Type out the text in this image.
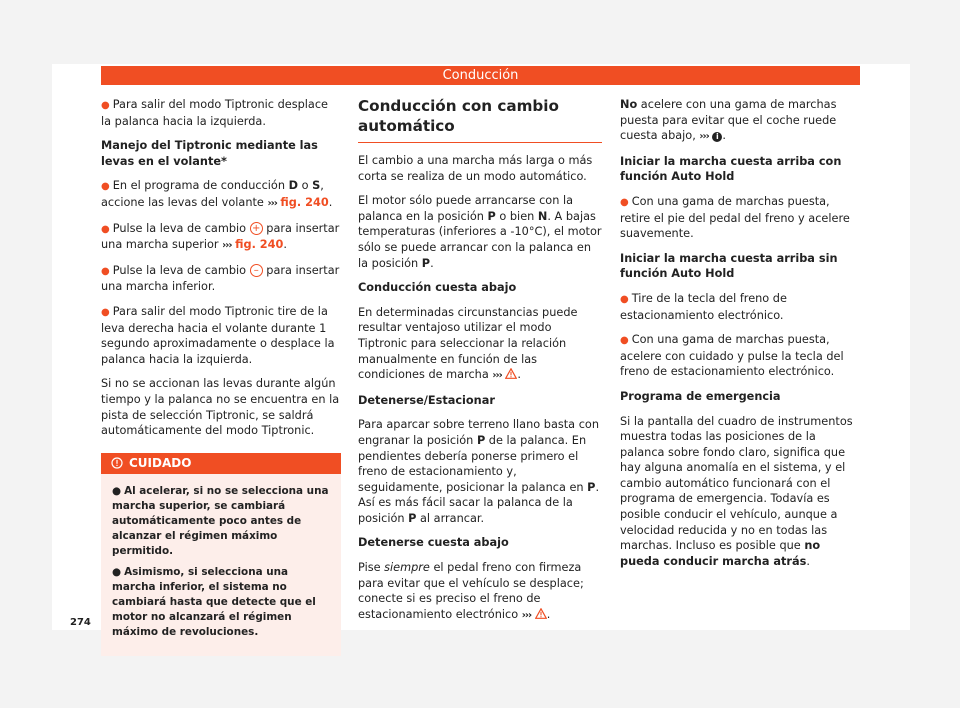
Conducción

● Para salir del modo Tiptronic desplace la palanca hacia la izquierda.

Manejo del Tiptronic mediante las levas en el volante*

● En el programa de conducción D o S, accione las levas del volante ››› fig. 240.

● Pulse la leva de cambio + para insertar una marcha superior ››› fig. 240.

● Pulse la leva de cambio – para insertar una marcha inferior.

● Para salir del modo Tiptronic tire de la leva derecha hacia el volante durante 1 segundo aproximadamente o desplace la palanca hacia la izquierda.

Si no se accionan las levas durante algún tiempo y la palanca no se encuentra en la pista de selección Tiptronic, se saldrá automáticamente del modo Tiptronic.

CUIDADO

● Al acelerar, si no se selecciona una marcha superior, se cambiará automáticamente poco antes de alcanzar el régimen máximo permitido.

● Asimismo, si selecciona una marcha inferior, el sistema no cambiará hasta que detecte que el motor no alcanzará el régimen máximo de revoluciones.

Conducción con cambio automático

El cambio a una marcha más larga o más corta se realiza de un modo automático.

El motor sólo puede arrancarse con la palanca en la posición P o bien N. A bajas temperaturas (inferiores a -10°C), el motor sólo se puede arrancar con la palanca en la posición P.

Conducción cuesta abajo

En determinadas circunstancias puede resultar ventajoso utilizar el modo Tiptronic para seleccionar la relación manualmente en función de las condiciones de marcha ››› .

Detenerse/Estacionar

Para aparcar sobre terreno llano basta con engranar la posición P de la palanca. En pendientes debería ponerse primero el freno de estacionamiento y, seguidamente, posicionar la palanca en P. Así es más fácil sacar la palanca de la posición P al arrancar.

Detenerse cuesta abajo

Pise siempre el pedal freno con firmeza para evitar que el vehículo se desplace; conecte si es preciso el freno de estacionamiento electrónico ››› .

No acelere con una gama de marchas puesta para evitar que el coche ruede cuesta abajo, ››› i .

Iniciar la marcha cuesta arriba con función Auto Hold

● Con una gama de marchas puesta, retire el pie del pedal del freno y acelere suavemente.

Iniciar la marcha cuesta arriba sin función Auto Hold

● Tire de la tecla del freno de estacionamiento electrónico.

● Con una gama de marchas puesta, acelere con cuidado y pulse la tecla del freno de estacionamiento electrónico.

Programa de emergencia

Si la pantalla del cuadro de instrumentos muestra todas las posiciones de la palanca sobre fondo claro, significa que hay alguna anomalía en el sistema, y el cambio automático funcionará con el programa de emergencia. Todavía es posible conducir el vehículo, aunque a velocidad reducida y no en todas las marchas. Incluso es posible que no pueda conducir marcha atrás.

274
